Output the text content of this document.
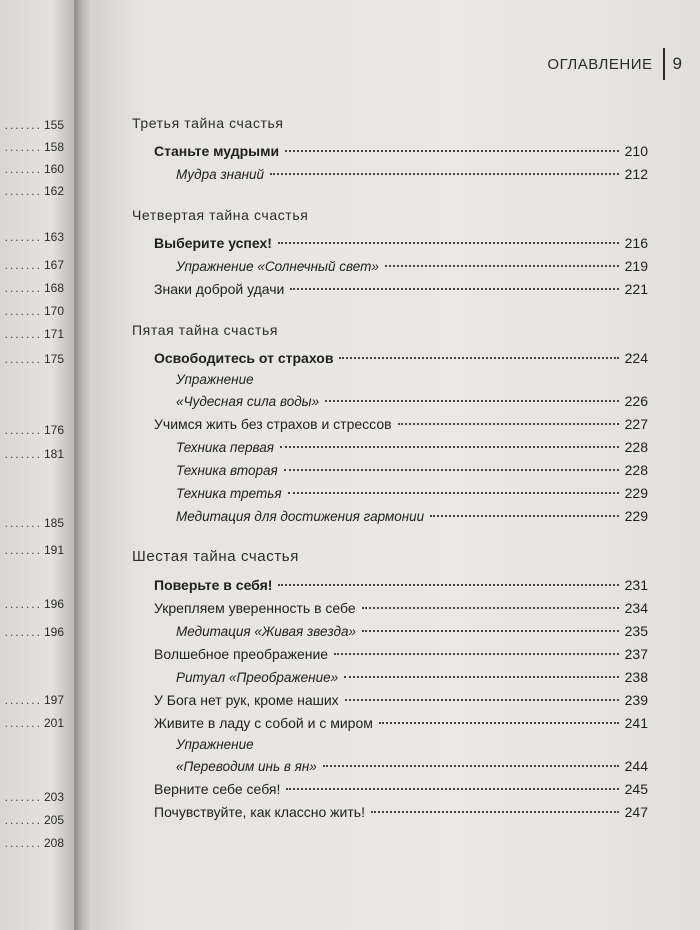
....... 155
....... 158
....... 160
....... 162
....... 163
....... 167
....... 168
....... 170
....... 171
....... 175
....... 176
....... 181
....... 185
....... 191
....... 196
....... 196
....... 197
....... 201
....... 203
....... 205
....... 208
ОГЛАВЛЕНИЕ 9
Третья тайна счастья
Станьте мудрыми	210
Мудра знаний	212
Четвертая тайна счастья
Выберите успех!	216
Упражнение «Солнечный свет»	219
Знаки доброй удачи	221
Пятая тайна счастья
Освободитесь от страхов	224
Упражнение
«Чудесная сила воды»	226
Учимся жить без страхов и стрессов	227
Техника первая	228
Техника вторая	228
Техника третья	229
Медитация для достижения гармонии	229
Шестая тайна счастья
Поверьте в себя!	231
Укрепляем уверенность в себе	234
Медитация «Живая звезда»	235
Волшебное преображение	237
Ритуал «Преображение»	238
У Бога нет рук, кроме наших	239
Живите в ладу с собой и с миром	241
Упражнение
«Переводим инь в ян»	244
Верните себе себя!	245
Почувствуйте, как классно жить!	247
